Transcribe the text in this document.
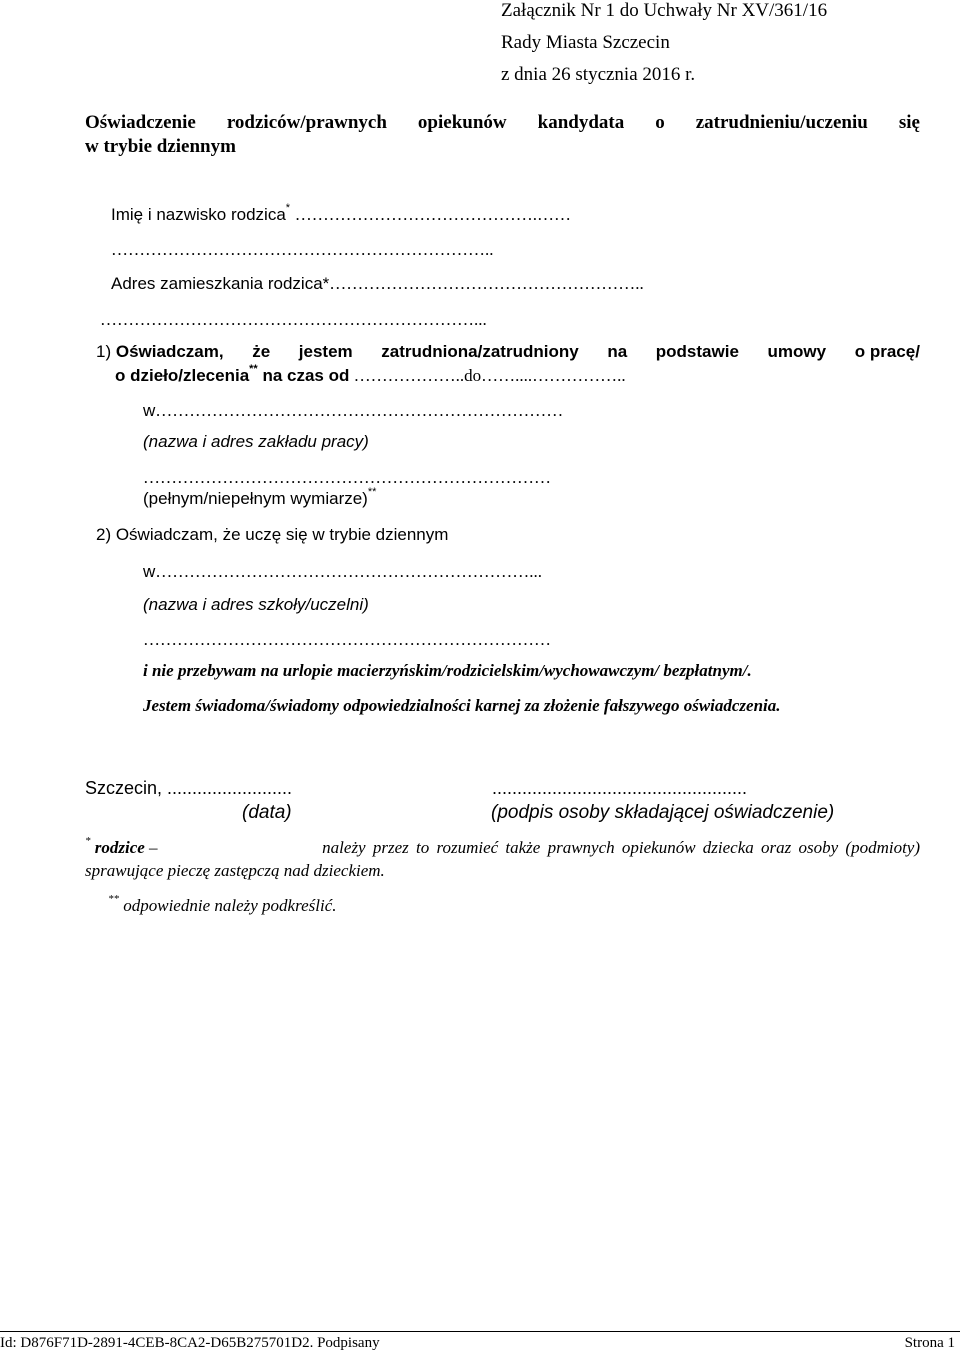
Załącznik Nr 1 do Uchwały Nr XV/361/16
Rady Miasta Szczecin
z dnia 26 stycznia 2016 r.
Oświadczenie rodziców/prawnych opiekunów kandydata o zatrudnieniu/uczeniu się
w trybie dziennym
Imię i nazwisko rodzica* …………………………………….……
…………………………………………………………..
Adres zamieszkania rodzica*………………………………………………..
…………………………………………………………...
1) Oświadczam, że jestem zatrudniona/zatrudniony na podstawie umowy o pracę/
o dzieło/zlecenia** na czas od ………………..do……....……………..
w………………………………………………………………
(nazwa i adres zakładu pracy)
………………………………………………………………
(pełnym/niepełnym wymiarze)**
2) Oświadczam, że uczę się w trybie dziennym
w…………………………………………………………...
(nazwa i adres szkoły/uczelni)
………………………………………………………………
i nie przebywam na urlopie macierzyńskim/rodzicielskim/wychowawczym/ bezpłatnym/.
Jestem świadoma/świadomy odpowiedzialności karnej za złożenie fałszywego oświadczenia.
Szczecin, .........................
(data)
...................................................
(podpis osoby składającej oświadczenie)
* rodzice –	należy przez to rozumieć także prawnych opiekunów dziecka oraz osoby (podmioty)
sprawujące pieczę zastępczą nad dzieckiem.
** odpowiednie należy podkreślić.
Id: D876F71D-2891-4CEB-8CA2-D65B275701D2. Podpisany	Strona 1
